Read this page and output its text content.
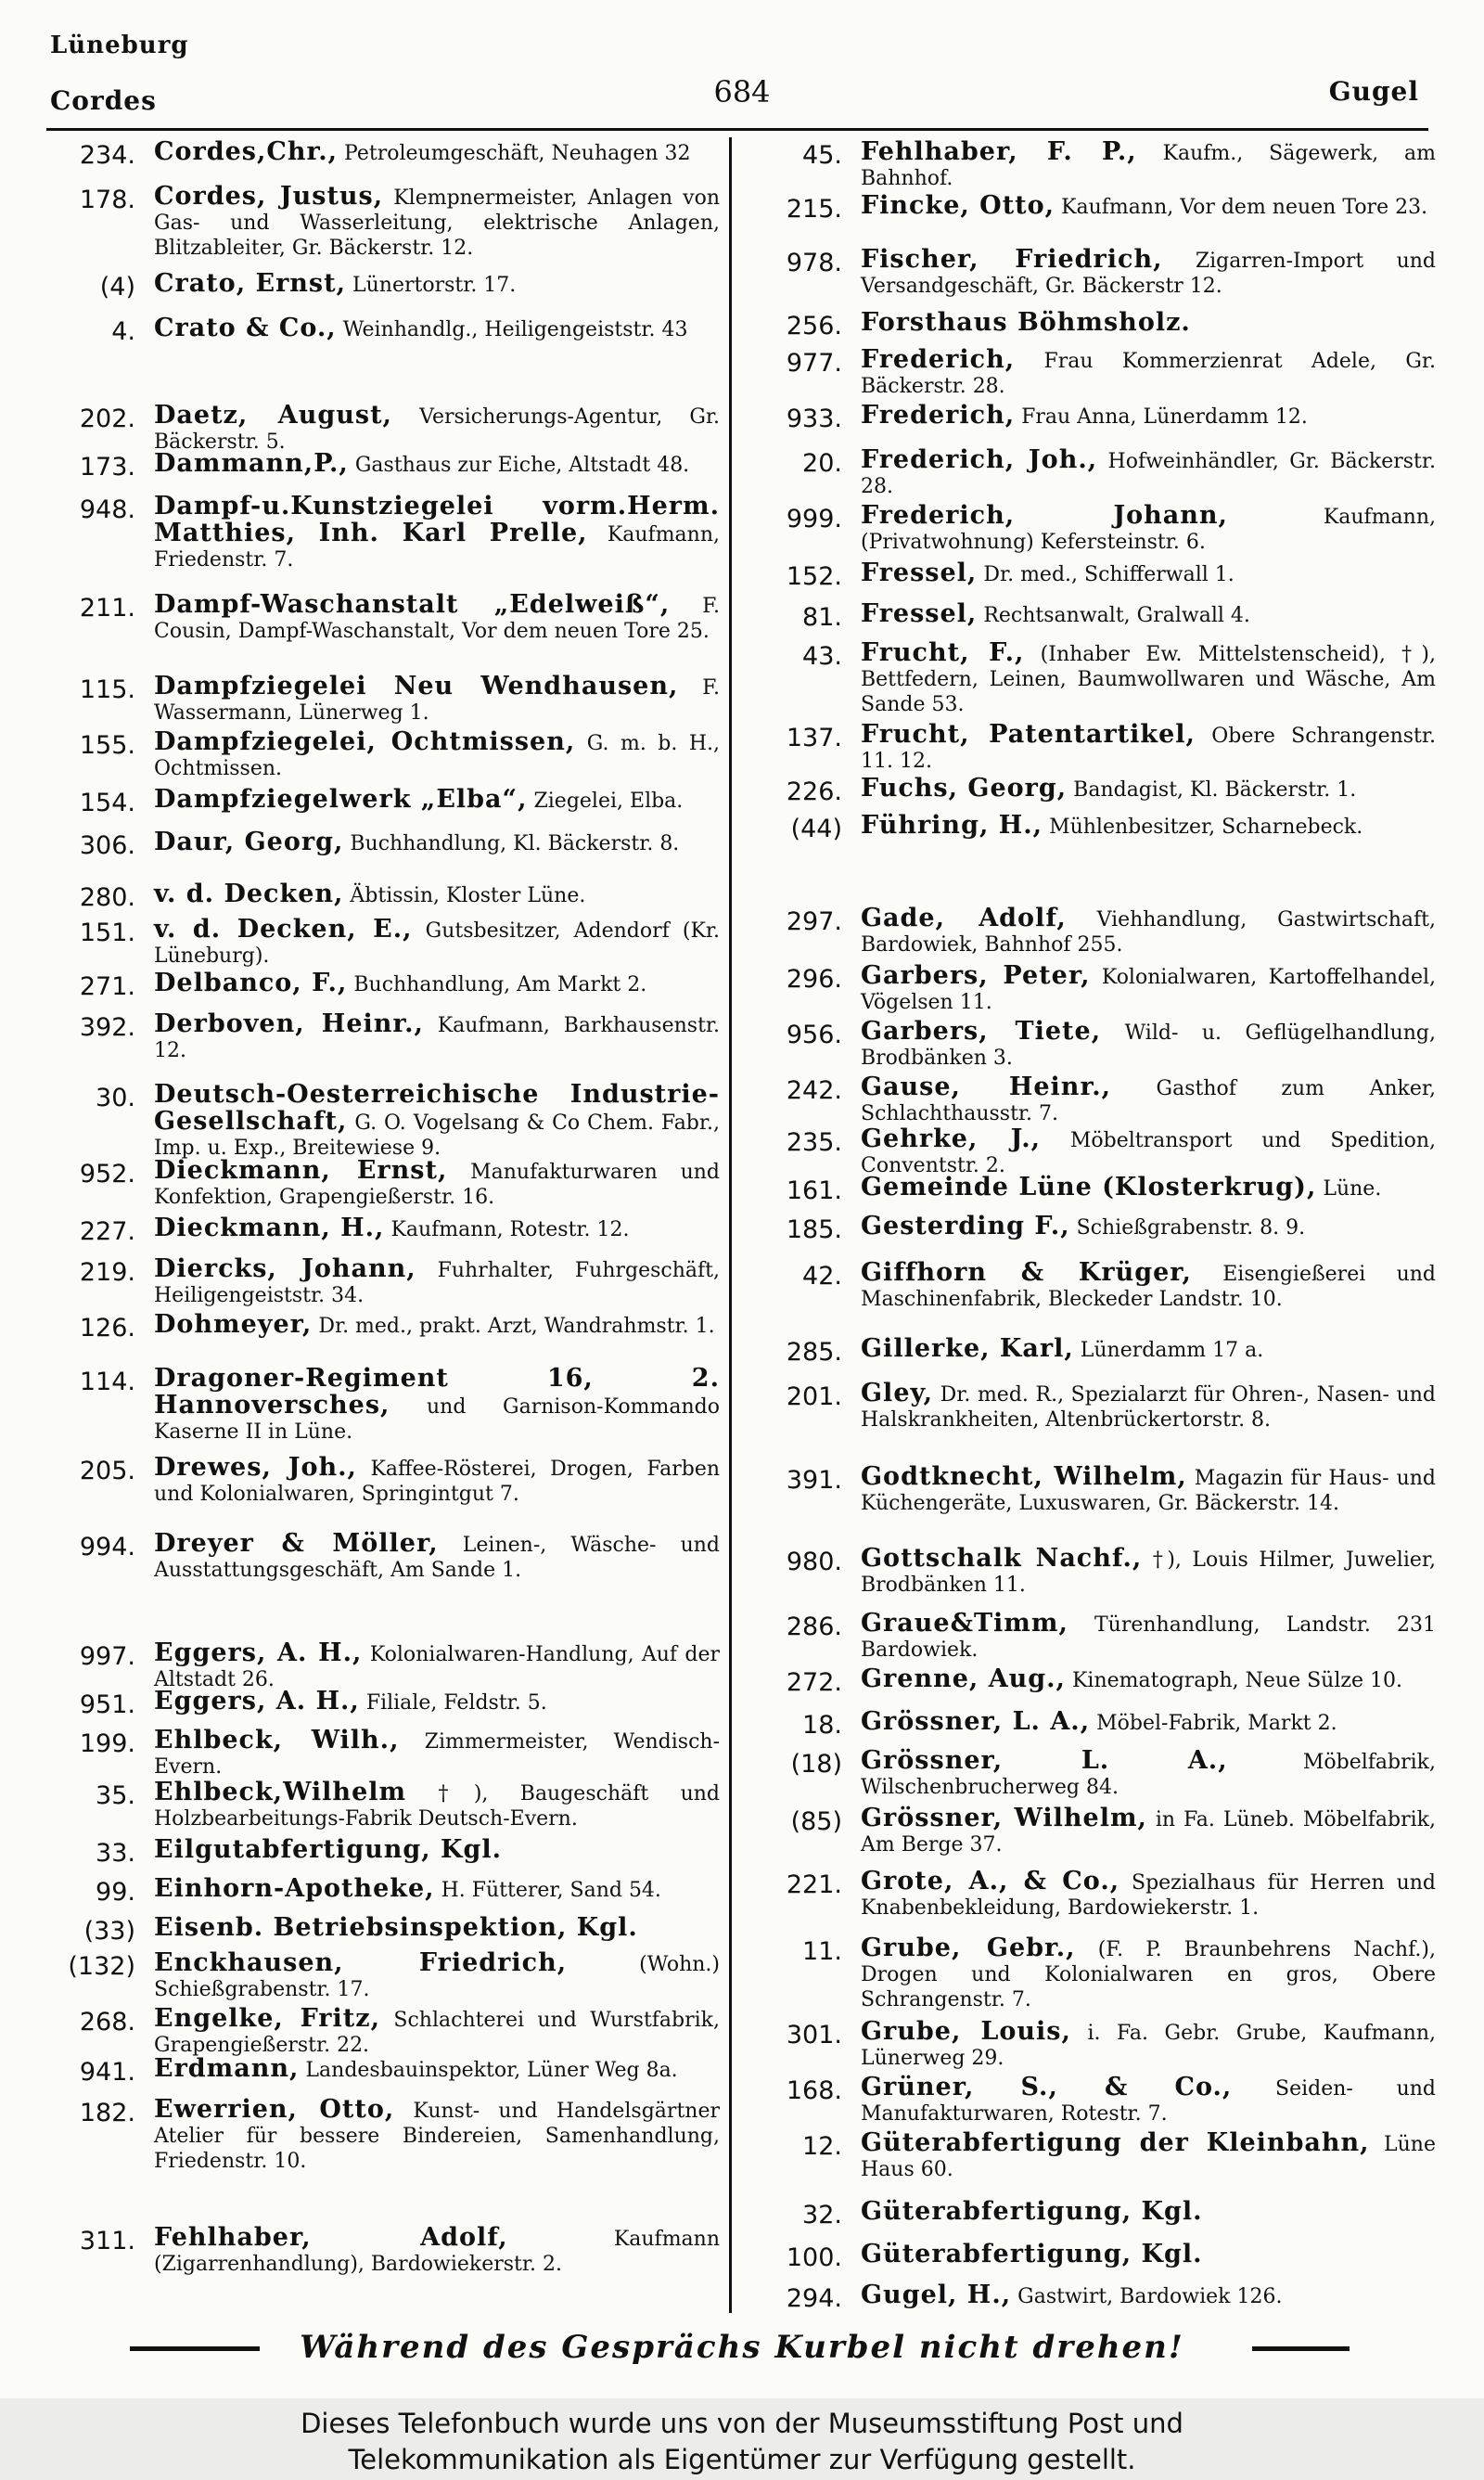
Lüneburg
Cordes	684	Gugel
234. Cordes,Chr., Petroleumgeschäft, Neuhagen 32
178. Cordes, Justus, Klempnermeister, Anlagen von Gas- und Wasserleitung, elektrische Anlagen, Blitzableiter, Gr. Bäckerstr. 12.
(4) Crato, Ernst, Lünertorstr. 17.
4. Crato & Co., Weinhandlg., Heiligengeiststr. 43
202. Daetz, August, Versicherungs-Agentur, Gr. Bäckerstr. 5.
173. Dammann,P., Gasthaus zur Eiche, Altstadt 48.
948. Dampf-u.Kunstziegelei vorm.Herm. Matthies, Inh. Karl Prelle, Kaufmann, Friedenstr. 7.
211. Dampf-Waschanstalt „Edelweiß“, F. Cousin, Dampf-Waschanstalt, Vor dem neuen Tore 25.
115. Dampfziegelei Neu Wendhausen, F. Wassermann, Lünerweg 1.
155. Dampfziegelei, Ochtmissen, G. m. b. H., Ochtmissen.
154. Dampfziegelwerk „Elba“, Ziegelei, Elba.
306. Daur, Georg, Buchhandlung, Kl. Bäckerstr. 8.
280. v. d. Decken, Äbtissin, Kloster Lüne.
151. v. d. Decken, E., Gutsbesitzer, Adendorf (Kr. Lüneburg).
271. Delbanco, F., Buchhandlung, Am Markt 2.
392. Derboven, Heinr., Kaufmann, Barkhausenstr. 12.
30. Deutsch-Oesterreichische Industrie-Gesellschaft, G. O. Vogelsang & Co Chem. Fabr., Imp. u. Exp., Breitewiese 9.
952. Dieckmann, Ernst, Manufakturwaren und Konfektion, Grapengießerstr. 16.
227. Dieckmann, H., Kaufmann, Rotestr. 12.
219. Diercks, Johann, Fuhrhalter, Fuhrgeschäft, Heiligengeiststr. 34.
126. Dohmeyer, Dr. med., prakt. Arzt, Wandrahmstr. 1.
114. Dragoner-Regiment 16, 2. Hannoversches, und Garnison-Kommando Kaserne II in Lüne.
205. Drewes, Joh., Kaffee-Rösterei, Drogen, Farben und Kolonialwaren, Springintgut 7.
994. Dreyer & Möller, Leinen-, Wäsche- und Ausstattungsgeschäft, Am Sande 1.
997. Eggers, A. H., Kolonialwaren-Handlung, Auf der Altstadt 26.
951. Eggers, A. H., Filiale, Feldstr. 5.
199. Ehlbeck, Wilh., Zimmermeister, Wendisch-Evern.
35. Ehlbeck,Wilhelm †), Baugeschäft und Holzbearbeitungs-Fabrik Deutsch-Evern.
33. Eilgutabfertigung, Kgl.
99. Einhorn-Apotheke, H. Fütterer, Sand 54.
(33) Eisenb. Betriebsinspektion, Kgl.
(132) Enckhausen, Friedrich,	(Wohn.) Schießgrabenstr. 17.
268. Engelke, Fritz, Schlachterei und Wurstfabrik, Grapengießerstr. 22.
941. Erdmann, Landesbauinspektor, Lüner Weg 8a.
182. Ewerrien, Otto, Kunst- und Handelsgärtner Atelier für bessere Bindereien, Samenhandlung, Friedenstr. 10.
311. Fehlhaber, Adolf,	Kaufmann (Zigarrenhandlung), Bardowiekerstr. 2.
45. Fehlhaber, F. P., Kaufm., Sägewerk, am Bahnhof.
215. Fincke, Otto, Kaufmann, Vor dem neuen Tore 23.
978. Fischer, Friedrich, Zigarren-Import und Versandgeschäft, Gr. Bäckerstr 12.
256. Forsthaus Böhmsholz.
977. Frederich, Frau Kommerzienrat Adele, Gr. Bäckerstr. 28.
933. Frederich, Frau Anna, Lünerdamm 12.
20. Frederich, Joh., Hofweinhändler, Gr. Bäckerstr. 28.
999. Frederich, Johann,	Kaufmann, (Privatwohnung) Kefersteinstr. 6.
152. Fressel, Dr. med., Schifferwall 1.
81. Fressel, Rechtsanwalt, Gralwall 4.
43. Frucht, F., (Inhaber Ew. Mittelstenscheid), †), Bettfedern, Leinen, Baumwollwaren und Wäsche, Am Sande 53.
137. Frucht, Patentartikel, Obere Schrangenstr. 11. 12.
226. Fuchs, Georg, Bandagist, Kl. Bäckerstr. 1.
(44) Führing, H., Mühlenbesitzer, Scharnebeck.
297. Gade, Adolf, Viehhandlung, Gastwirtschaft, Bardowiek, Bahnhof 255.
296. Garbers, Peter, Kolonialwaren, Kartoffelhandel, Vögelsen 11.
956. Garbers, Tiete, Wild- u. Geflügelhandlung, Brodbänken 3.
242. Gause, Heinr., Gasthof zum Anker, Schlachthausstr. 7.
235. Gehrke, J., Möbeltransport und Spedition, Conventstr. 2.
161. Gemeinde Lüne (Klosterkrug), Lüne.
185. Gesterding F., Schießgrabenstr. 8. 9.
42. Giffhorn & Krüger, Eisengießerei und Maschinenfabrik, Bleckeder Landstr. 10.
285. Gillerke, Karl, Lünerdamm 17 a.
201. Gley, Dr. med. R., Spezialarzt für Ohren-, Nasen- und Halskrankheiten, Altenbrückertorstr. 8.
391. Godtknecht, Wilhelm, Magazin für Haus- und Küchengeräte, Luxuswaren, Gr. Bäckerstr. 14.
980. Gottschalk Nachf., †), Louis Hilmer, Juwelier, Brodbänken 11.
286. Graue&Timm, Türenhandlung, Landstr. 231 Bardowiek.
272. Grenne, Aug., Kinematograph, Neue Sülze 10.
18. Grössner, L. A., Möbel-Fabrik, Markt 2.
(18) Grössner, L. A.,	Möbelfabrik, Wilschenbrucherweg 84.
(85) Grössner, Wilhelm, in Fa. Lüneb. Möbelfabrik, Am Berge 37.
221. Grote, A., & Co., Spezialhaus für Herren und Knabenbekleidung, Bardowiekerstr. 1.
11. Grube, Gebr., (F. P. Braunbehrens Nachf.), Drogen und Kolonialwaren en gros, Obere Schrangenstr. 7.
301. Grube, Louis, i. Fa. Gebr. Grube, Kaufmann, Lünerweg 29.
168. Grüner, S., & Co., Seiden- und Manufakturwaren, Rotestr. 7.
12. Güterabfertigung der Kleinbahn, Lüne Haus 60.
32. Güterabfertigung, Kgl.
100. Güterabfertigung, Kgl.
294. Gugel, H., Gastwirt, Bardowiek 126.
Während des Gesprächs Kurbel nicht drehen!
Dieses Telefonbuch wurde uns von der Museumsstiftung Post und
Telekommunikation als Eigentümer zur Verfügung gestellt.
